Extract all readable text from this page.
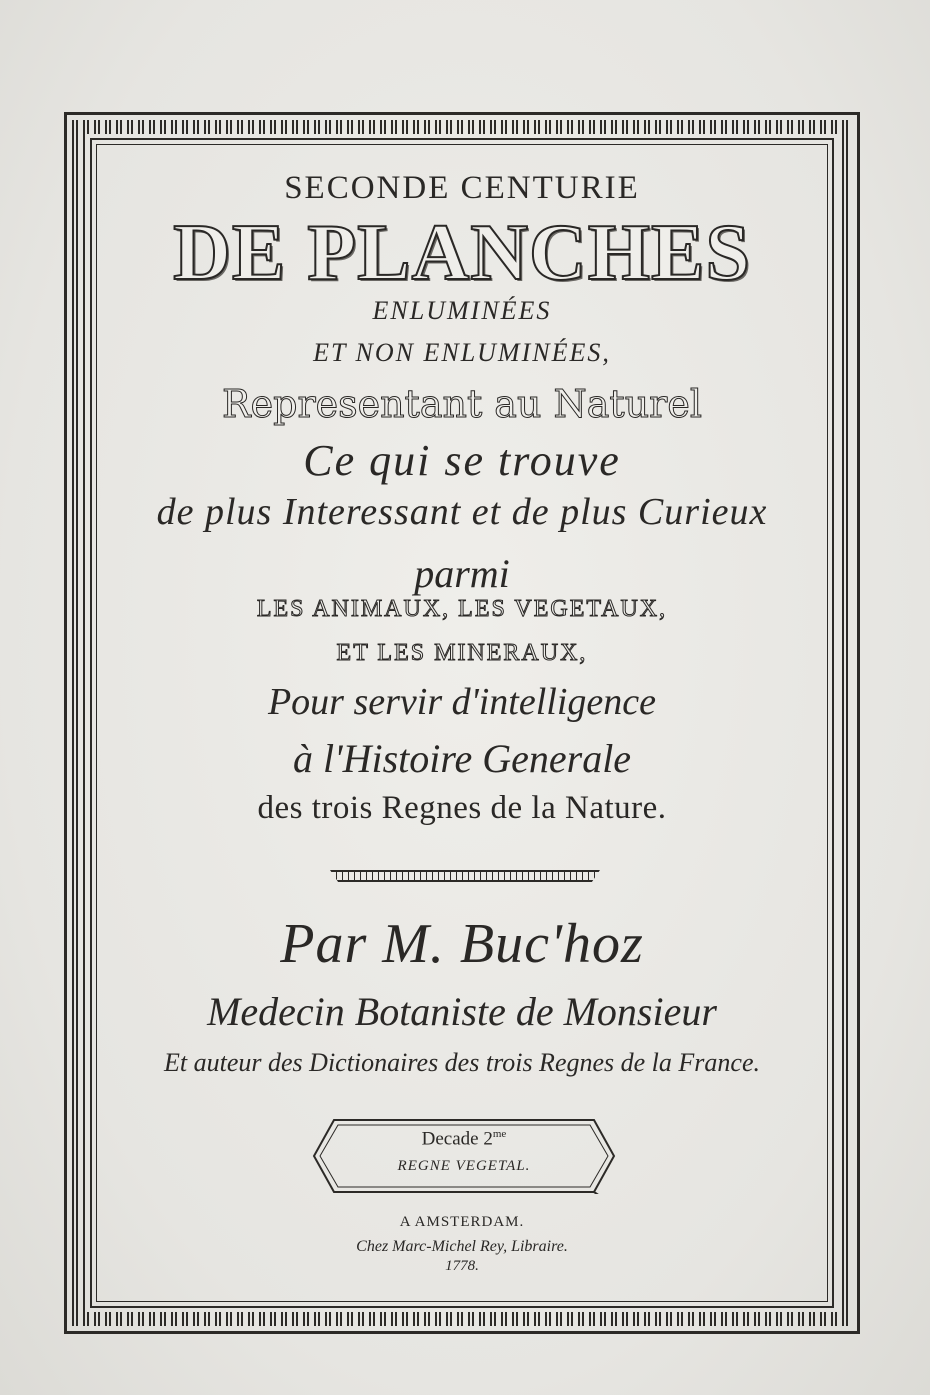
SECONDE CENTURIE
DE PLANCHES
ENLUMINÉES
ET NON ENLUMINÉES,
Representant au Naturel
Ce qui se trouve
de plus Interessant et de plus Curieux
parmi
LES ANIMAUX, LES VEGETAUX,
ET LES MINERAUX,
Pour servir d'intelligence
à l'Histoire Generale
des trois Regnes de la Nature.
Par M. Buc'hoz
Medecin Botaniste de Monsieur
Et auteur des Dictionaires des trois Regnes de la France.
Decade $2^{me}$
REGNE VEGETAL.
A AMSTERDAM.
Chez Marc-Michel Rey, Libraire.
1778.
